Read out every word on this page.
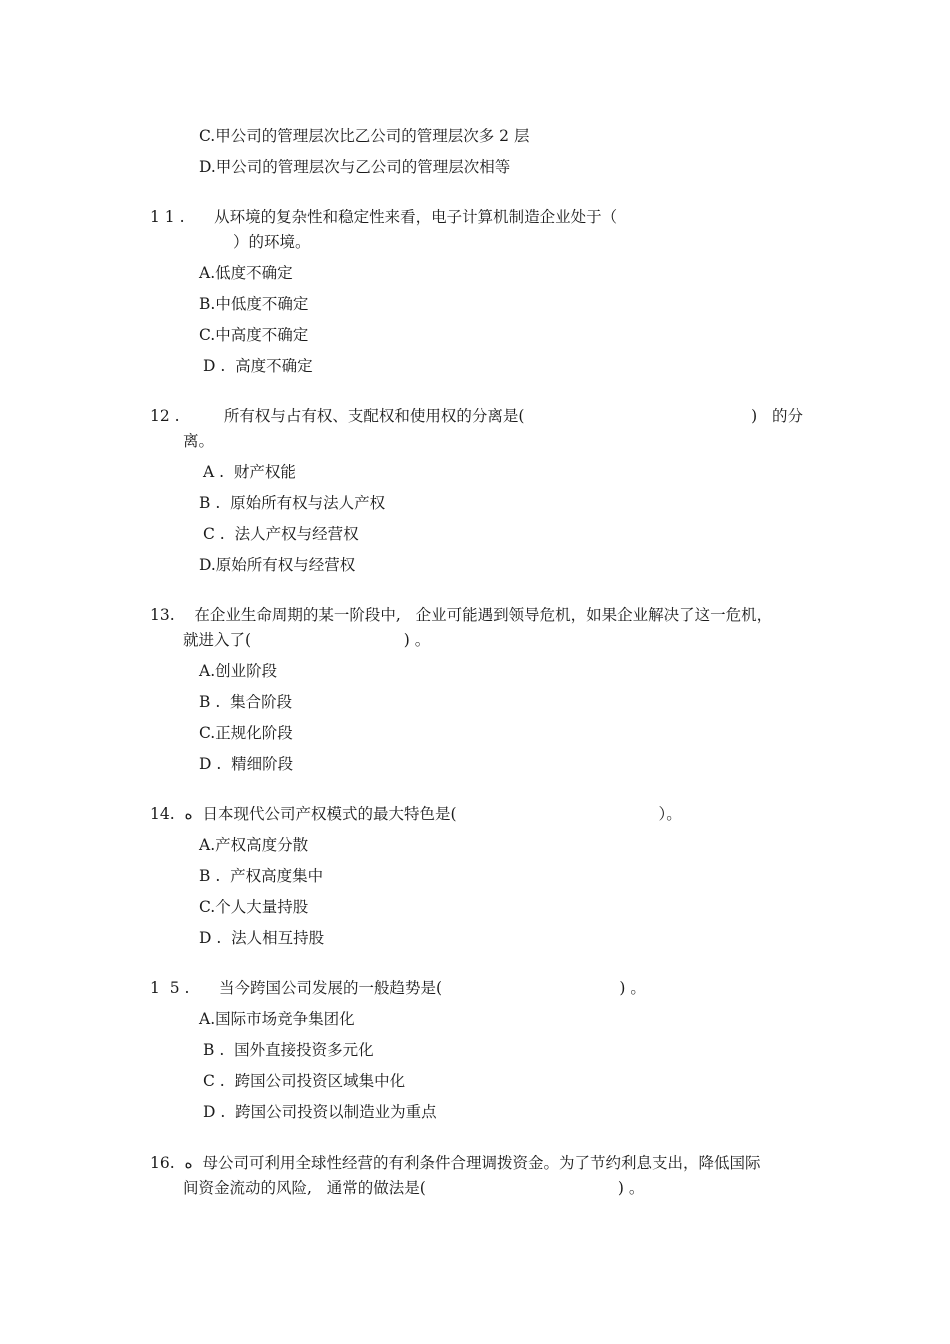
C.甲公司的管理层次比乙公司的管理层次多 2 层
D.甲公司的管理层次与乙公司的管理层次相等
1 1 .      从环境的复杂性和稳定性来看，电子计算机制造企业处于（
）的环境。
A.低度不确定
B.中低度不确定
C.中高度不确定
D .  高度不确定
12 .         所有权与占有权、支配权和使用权的分离是(                                              )   的分
离。
A .  财产权能
B .  原始所有权与法人产权
C .  法人产权与经营权
D.原始所有权与经营权
13.    在企业生命周期的某一阶段中,   企业可能遇到领导危机，如果企业解决了这一危机，
就进入了(                               ) 。
A.创业阶段
B .  集合阶段
C.正规化阶段
D .  精细阶段
14.  ه  日本现代公司产权模式的最大特色是(                                         ）。
A.产权高度分散
B .  产权高度集中
C.个人大量持股
D .  法人相互持股
1  5 .      当今跨国公司发展的一般趋势是(                                    ) 。
A.国际市场竞争集团化
B .  国外直接投资多元化
C .  跨国公司投资区域集中化
D .  跨国公司投资以制造业为重点
16.  ه  母公司可利用全球性经营的有利条件合理调拨资金。为了节约利息支出，降低国际
间资金流动的风险,   通常的做法是(                                       ) 。
